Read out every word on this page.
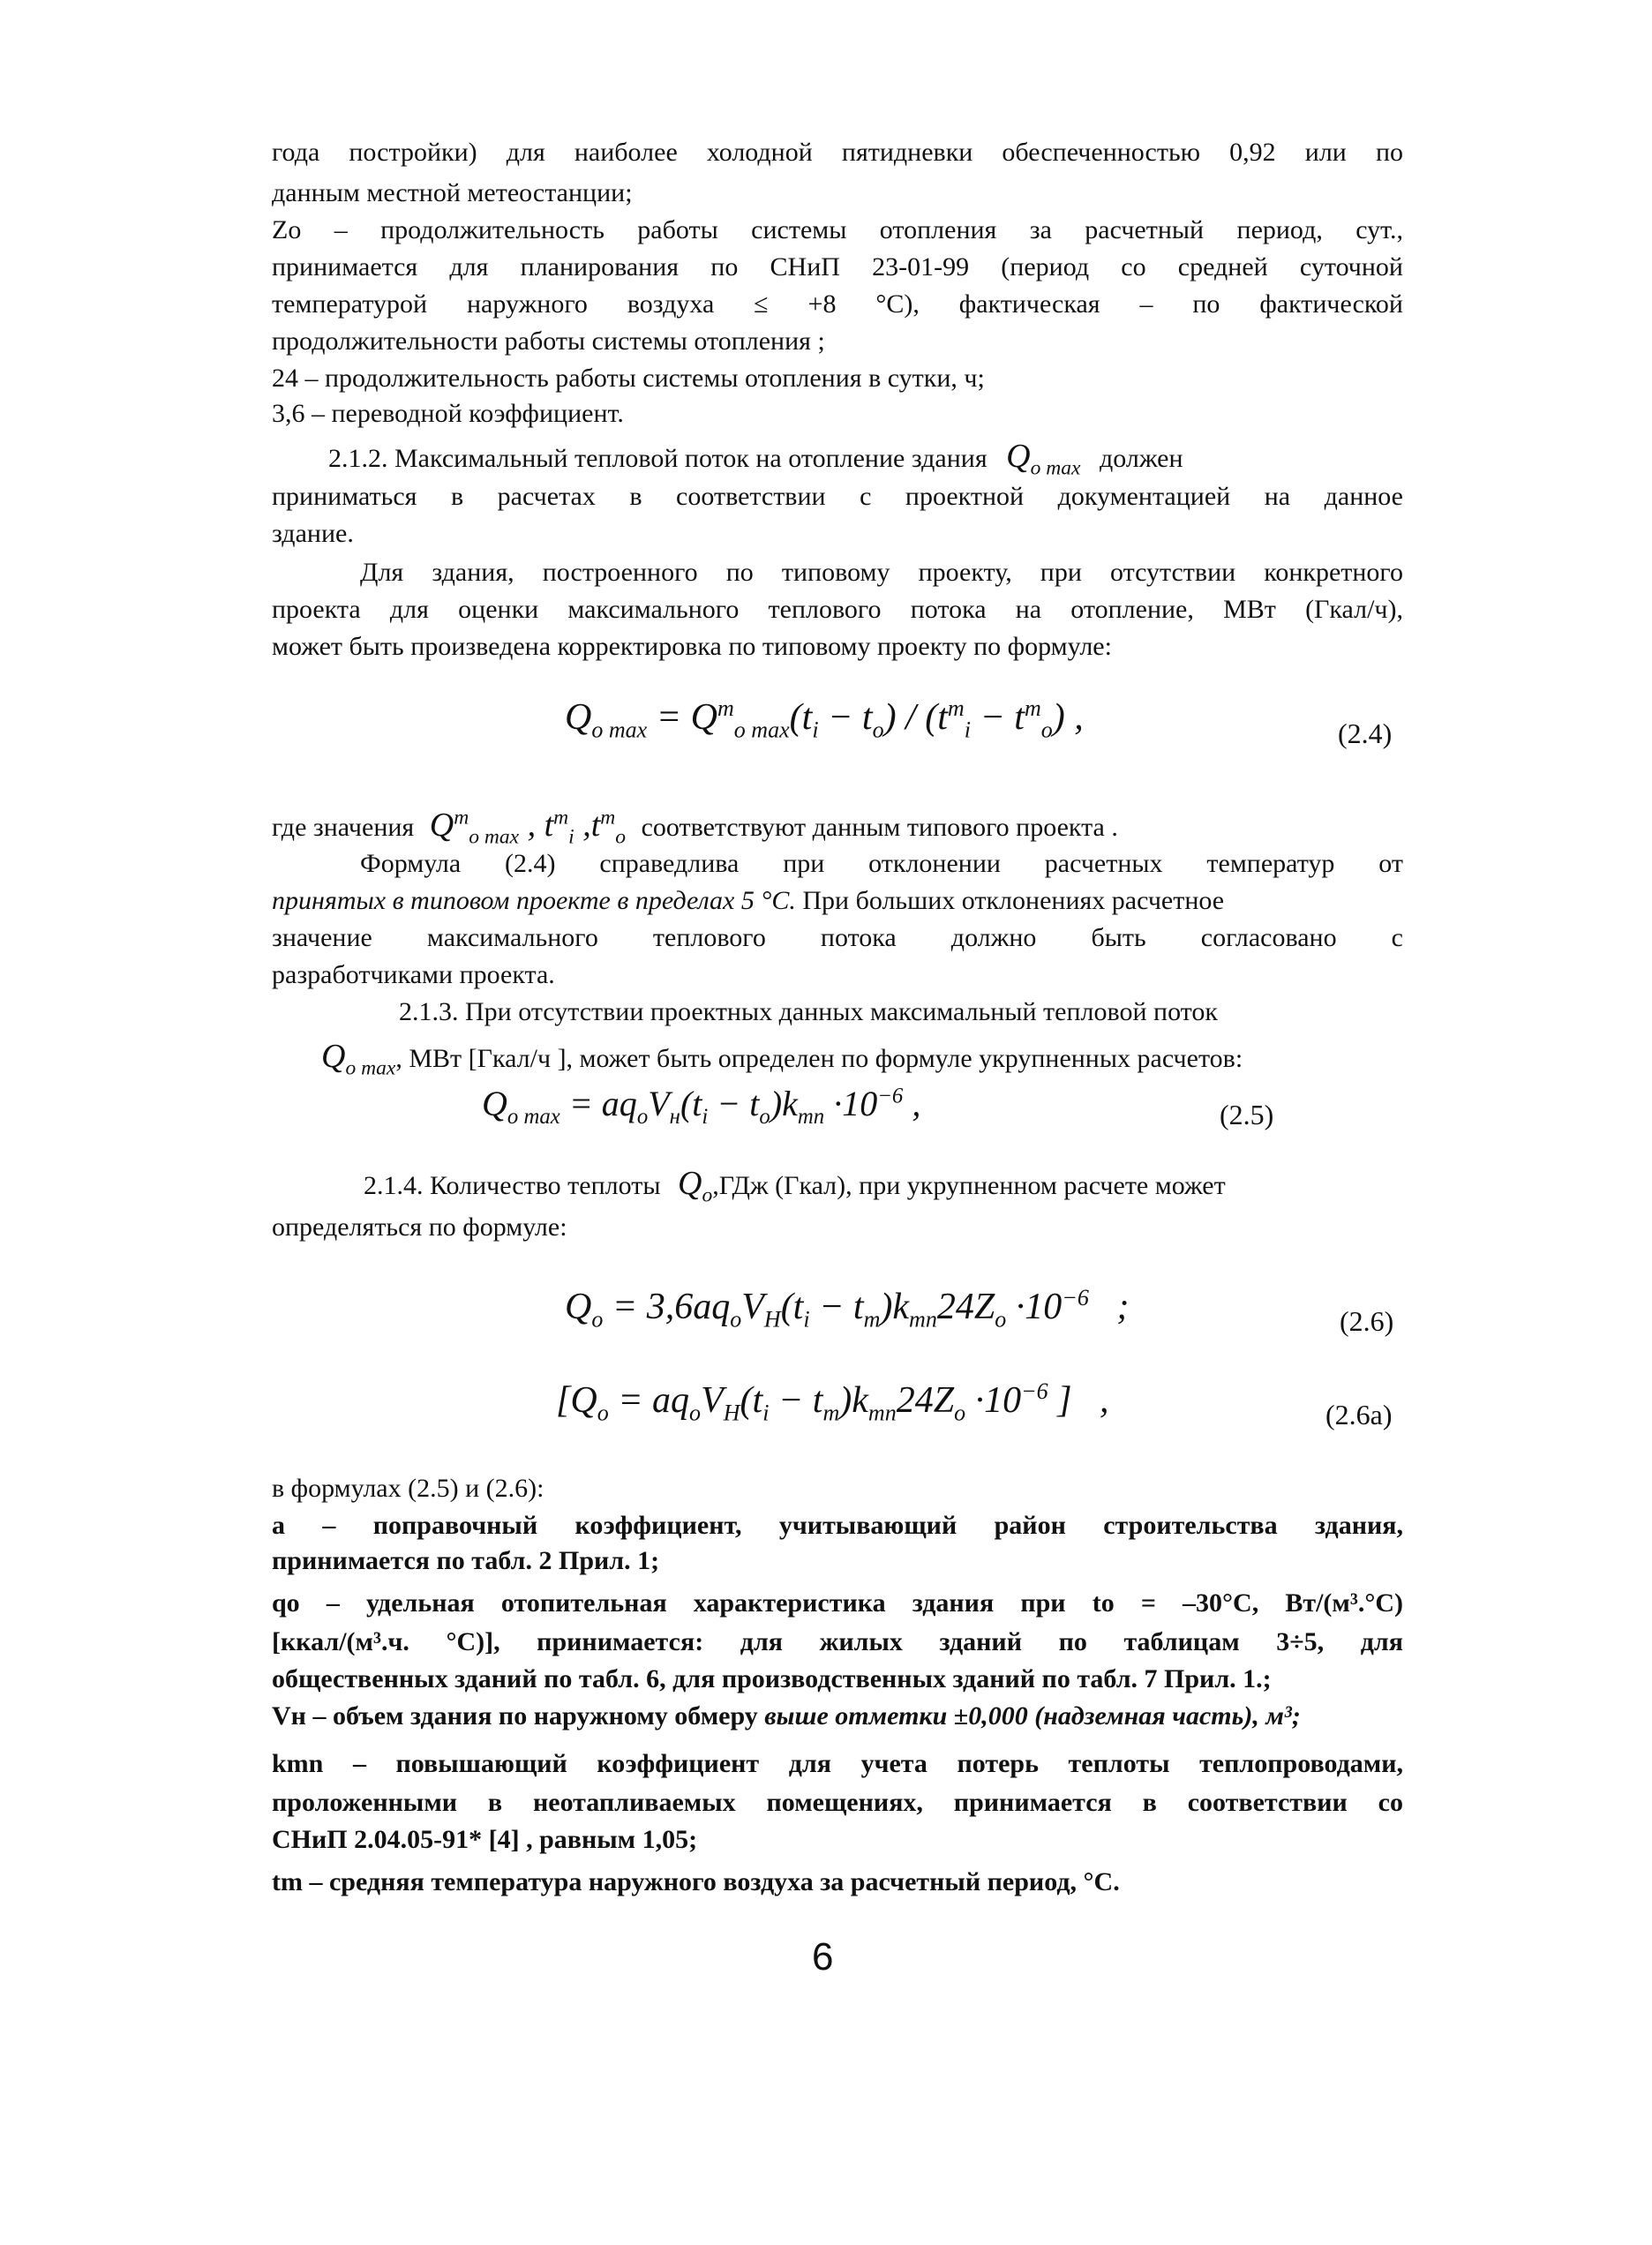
года постройки) для наиболее холодной пятидневки обеспеченностью 0,92 или по
данным местной метеостанции;
Zo – продолжительность работы системы отопления за расчетный период, сут.,
принимается для планирования по СНиП 23-01-99 (период со средней суточной
температурой наружного воздуха ≤ +8 °С), фактическая – по фактической
продолжительности работы системы отопления ;
24 – продолжительность работы системы отопления в сутки, ч;
3,6 – переводной коэффициент.
2.1.2. Максимальный тепловой поток на отопление здания $Q_{o max}$ должен
приниматься в расчетах в соответствии с проектной документацией на данное
здание.
Для здания, построенного по типовому проекту, при отсутствии конкретного
проекта для оценки максимального теплового потока на отопление, МВт (Гкал/ч),
может быть произведена корректировка по типовому проекту по формуле:
$Q_{o max} = Q^m_{o max}(t_i - t_o) / (t^m_i - t^m_o)$ ,	(2.4)
где значения $Q^m_{o max}$ , $t^m_i$ $,t^m_o$ соответствуют данным типового проекта .
Формула (2.4) справедлива при отклонении расчетных температур от
принятых в типовом проекте в пределах 5 °С. При больших отклонениях расчетное
значение максимального теплового потока должно быть согласовано с
разработчиками проекта.
2.1.3. При отсутствии проектных данных максимальный тепловой поток
$Q_{o max}$, МВт [Гкал/ч ], может быть определен по формуле укрупненных расчетов:
$Q_{o max} = aq_oV_н(t_i - t_o)k_{mn} \cdot 10^{-6}$ ,	(2.5)
2.1.4. Количество теплоты $Q_o,ГДж$ (Гкал), при укрупненном расчете может
определяться по формуле:
$Q_o = 3,6aq_oV_H(t_i - t_m)k_{mn}24Z_o \cdot 10^{-6}$   ;	(2.6)
[$Q_o = aq_oV_H(t_i - t_m)k_{mn}24Z_o \cdot 10^{-6}$ ]   ,	(2.6а)
в формулах (2.5) и (2.6):
a – поправочный коэффициент, учитывающий район строительства здания,
принимается по табл. 2 Прил. 1;
qo – удельная отопительная характеристика здания при to = –30°С, Вт/(м³.°С)
[ккал/(м³.ч. °С)], принимается: для жилых зданий по таблицам 3÷5, для
общественных зданий по табл. 6, для производственных зданий по табл. 7 Прил. 1.;
Vн – объем здания по наружному обмеру выше отметки ±0,000 (надземная часть), м³;
kmn – повышающий коэффициент для учета потерь теплоты теплопроводами,
проложенными в неотапливаемых помещениях, принимается в соответствии со
СНиП 2.04.05-91* [4] , равным 1,05;
tm – средняя температура наружного воздуха за расчетный период, °С.
6
